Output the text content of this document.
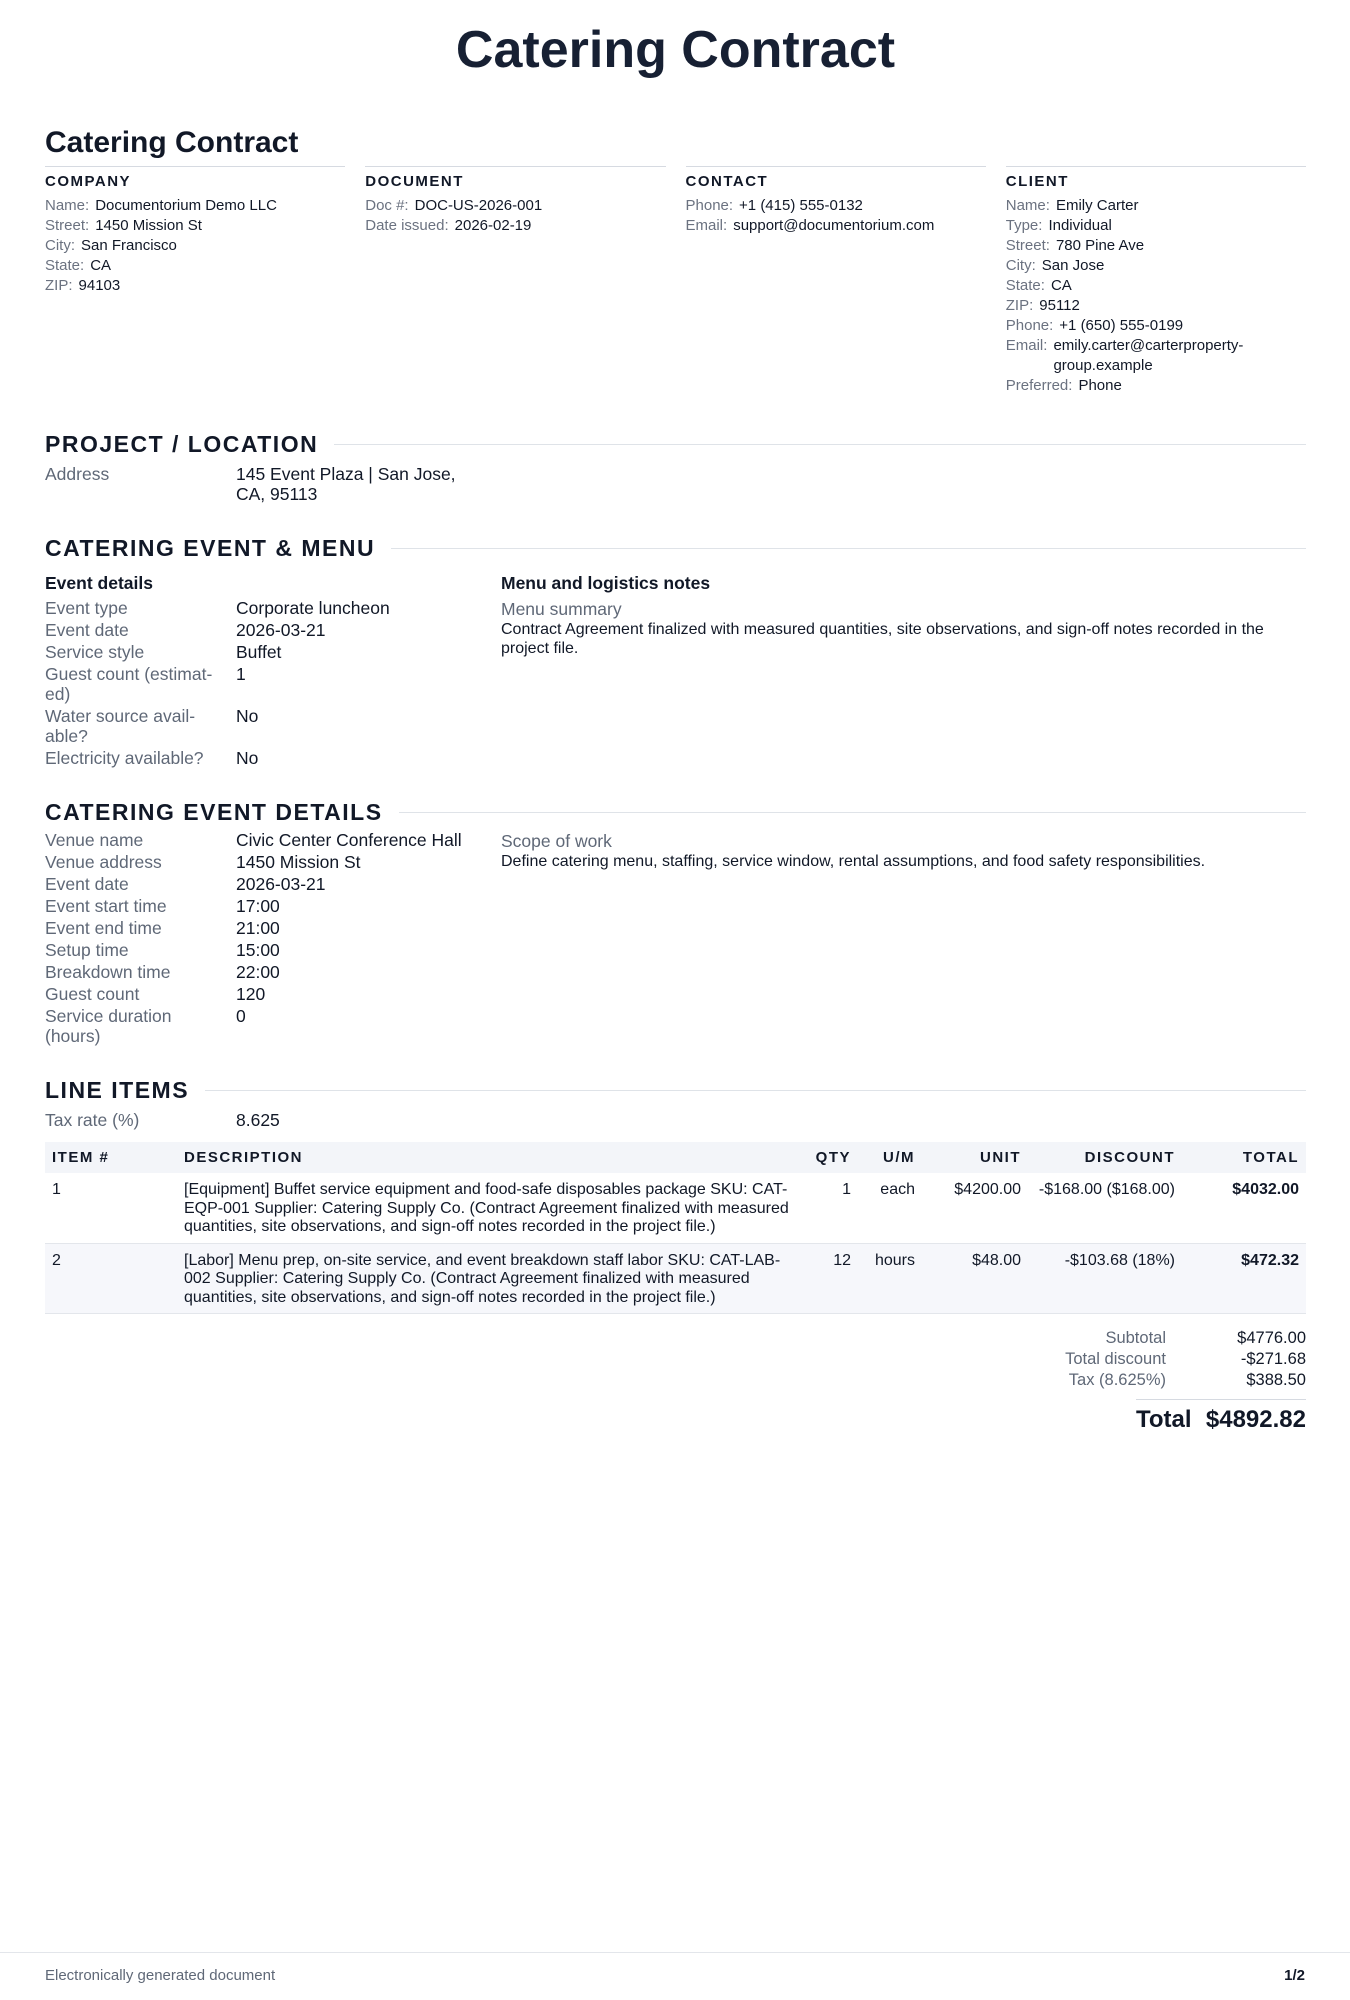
Catering Contract
Catering Contract
COMPANY
Name: Documentorium Demo LLC
Street: 1450 Mission St
City: San Francisco
State: CA
ZIP: 94103
DOCUMENT
Doc #: DOC-US-2026-001
Date issued: 2026-02-19
CONTACT
Phone: +1 (415) 555-0132
Email: support@documentorium.com
CLIENT
Name: Emily Carter
Type: Individual
Street: 780 Pine Ave
City: San Jose
State: CA
ZIP: 95112
Phone: +1 (650) 555-0199
Email: emily.carter@carterproperty-group.example
Preferred: Phone
PROJECT / LOCATION
Address	145 Event Plaza | San Jose,
CA, 95113
CATERING EVENT & MENU
Event details
Event type	Corporate luncheon
Event date	2026-03-21
Service style	Buffet
Guest count (estimat-ed)
1
Water source avail-able?
No
Electricity available?	No
Menu and logistics notes
Menu summary
Contract Agreement finalized with measured quantities, site observations, and sign-off notes recorded in the project file.
CATERING EVENT DETAILS
Venue name	Civic Center Conference Hall
Venue address	1450 Mission St
Event date	2026-03-21
Event start time	17:00
Event end time	21:00
Setup time	15:00
Breakdown time	22:00
Guest count	120
Service duration (hours)
0
Scope of work
Define catering menu, staffing, service window, rental assumptions, and food safety responsibilities.
LINE ITEMS
Tax rate (%)	8.625
ITEM #	DESCRIPTION	QTY	U/M	UNIT	DISCOUNT	TOTAL
1	[Equipment] Buffet service equipment and food-safe disposables package SKU: CAT-EQP-001 Supplier: Catering Supply Co. (Contract Agreement finalized with measured quantities, site observations, and sign-off notes recorded in the project file.)	1	each	$4200.00	-$168.00 ($168.00)	$4032.00
2	[Labor] Menu prep, on-site service, and event breakdown staff labor SKU: CAT-LAB-002 Supplier: Catering Supply Co. (Contract Agreement finalized with measured quantities, site observations, and sign-off notes recorded in the project file.)	12	hours	$48.00	-$103.68 (18%)	$472.32
Subtotal	$4776.00
Total discount	-$271.68
Tax (8.625%)	$388.50
Total $4892.82
Electronically generated document	1/2
